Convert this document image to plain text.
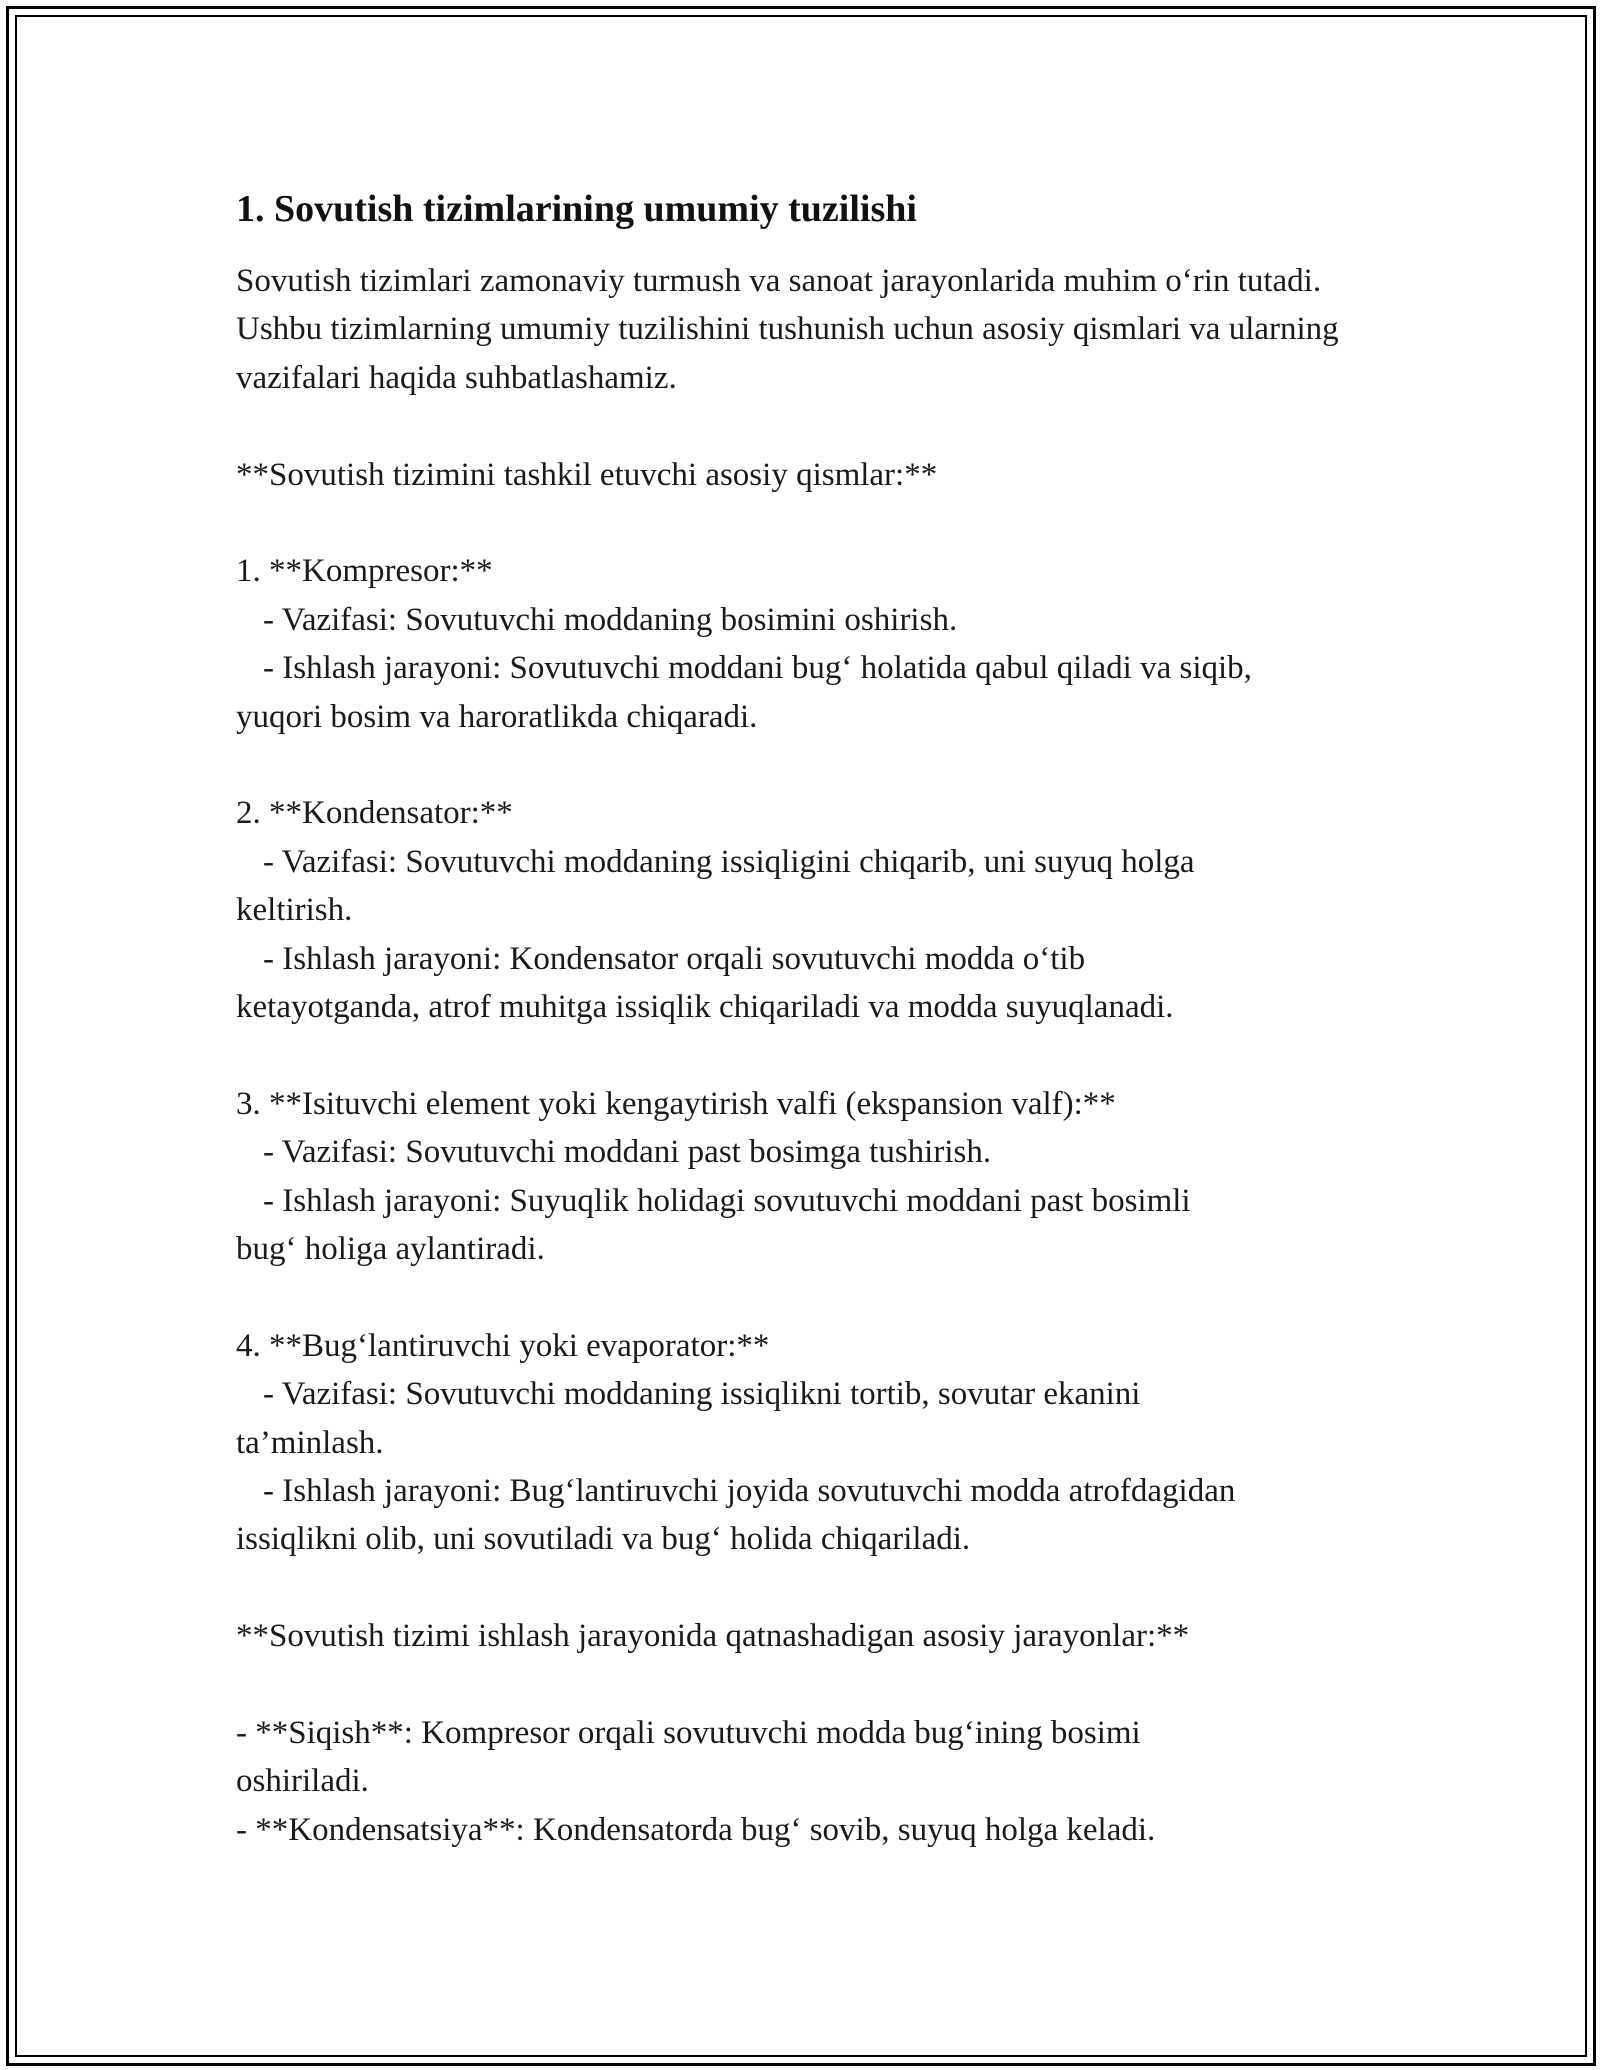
1. Sovutish tizimlarining umumiy tuzilishi

Sovutish tizimlari zamonaviy turmush va sanoat jarayonlarida muhim o‘rin tutadi. Ushbu tizimlarning umumiy tuzilishini tushunish uchun asosiy qismlari va ularning vazifalari haqida suhbatlashamiz.

**Sovutish tizimini tashkil etuvchi asosiy qismlar:**

1. **Kompresor:**
- Vazifasi: Sovutuvchi moddaning bosimini oshirish.
- Ishlash jarayoni: Sovutuvchi moddani bug‘ holatida qabul qiladi va siqib,
yuqori bosim va haroratlikda chiqaradi.
2. **Kondensator:**
- Vazifasi: Sovutuvchi moddaning issiqligini chiqarib, uni suyuq holga
keltirish.
- Ishlash jarayoni: Kondensator orqali sovutuvchi modda o‘tib
ketayotganda, atrof muhitga issiqlik chiqariladi va modda suyuqlanadi.
3. **Isituvchi element yoki kengaytirish valfi (ekspansion valf):**
- Vazifasi: Sovutuvchi moddani past bosimga tushirish.
- Ishlash jarayoni: Suyuqlik holidagi sovutuvchi moddani past bosimli
bug‘ holiga aylantiradi.
4. **Bug‘lantiruvchi yoki evaporator:**
- Vazifasi: Sovutuvchi moddaning issiqlikni tortib, sovutar ekanini
ta’minlash.
- Ishlash jarayoni: Bug‘lantiruvchi joyida sovutuvchi modda atrofdagidan
issiqlikni olib, uni sovutiladi va bug‘ holida chiqariladi.

**Sovutish tizimi ishlash jarayonida qatnashadigan asosiy jarayonlar:**

- **Siqish**: Kompresor orqali sovutuvchi modda bug‘ining bosimi
oshiriladi.
- **Kondensatsiya**: Kondensatorda bug‘ sovib, suyuq holga keladi.
